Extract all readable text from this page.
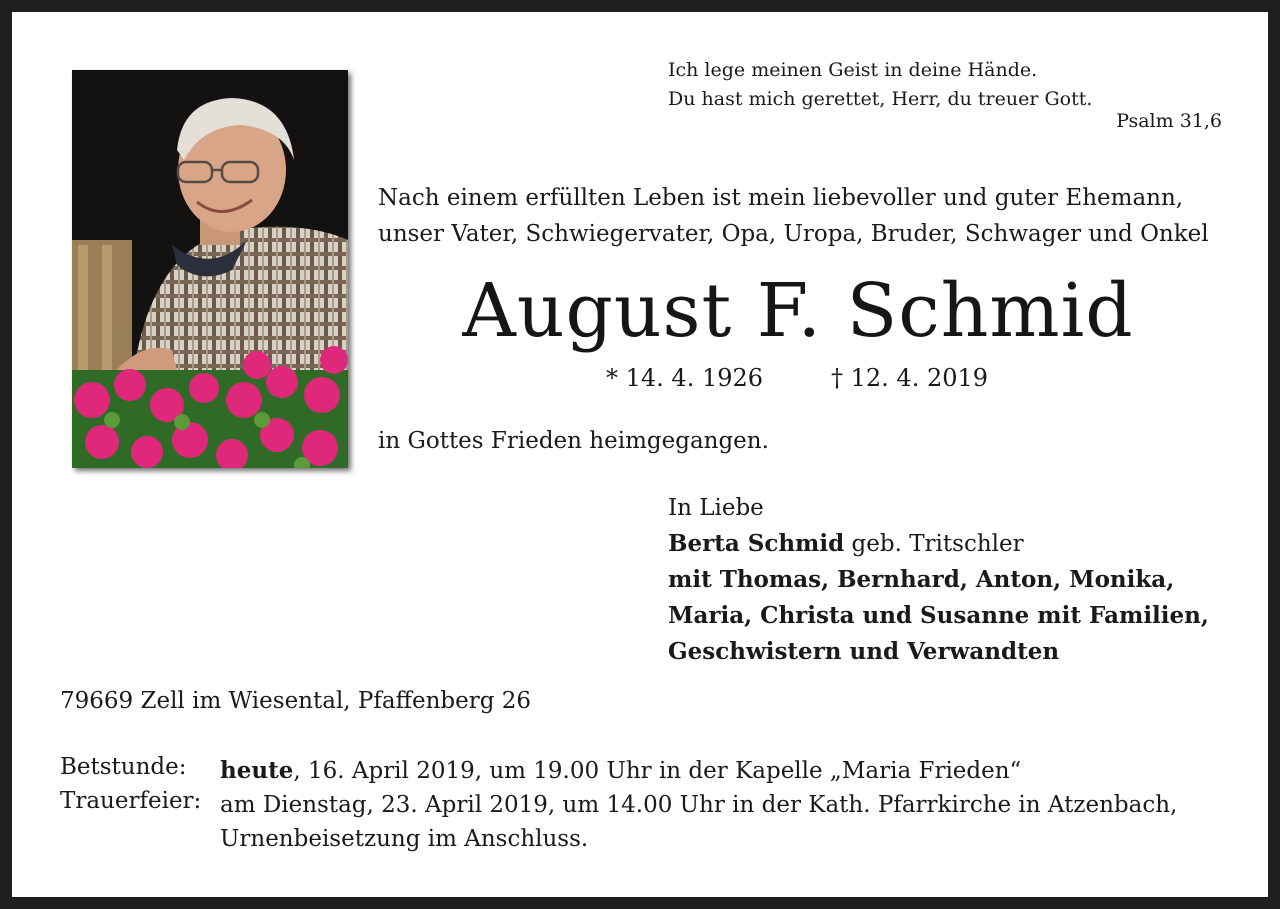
Ich lege meinen Geist in deine Hände.
Du hast mich gerettet, Herr, du treuer Gott.
Psalm 31,6
Nach einem erfüllten Leben ist mein liebevoller und guter Ehemann,
unser Vater, Schwiegervater, Opa, Uropa, Bruder, Schwager und Onkel
August F. Schmid
* 14. 4. 1926	† 12. 4. 2019
in Gottes Frieden heimgegangen.
In Liebe
Berta Schmid geb. Tritschler
mit Thomas, Bernhard, Anton, Monika,
Maria, Christa und Susanne mit Familien,
Geschwistern und Verwandten
79669 Zell im Wiesental, Pfaffenberg 26
Betstunde: heute, 16. April 2019, um 19.00 Uhr in der Kapelle „Maria Frieden“
Trauerfeier: am Dienstag, 23. April 2019, um 14.00 Uhr in der Kath. Pfarrkirche in Atzenbach,
Urnenbeisetzung im Anschluss.
